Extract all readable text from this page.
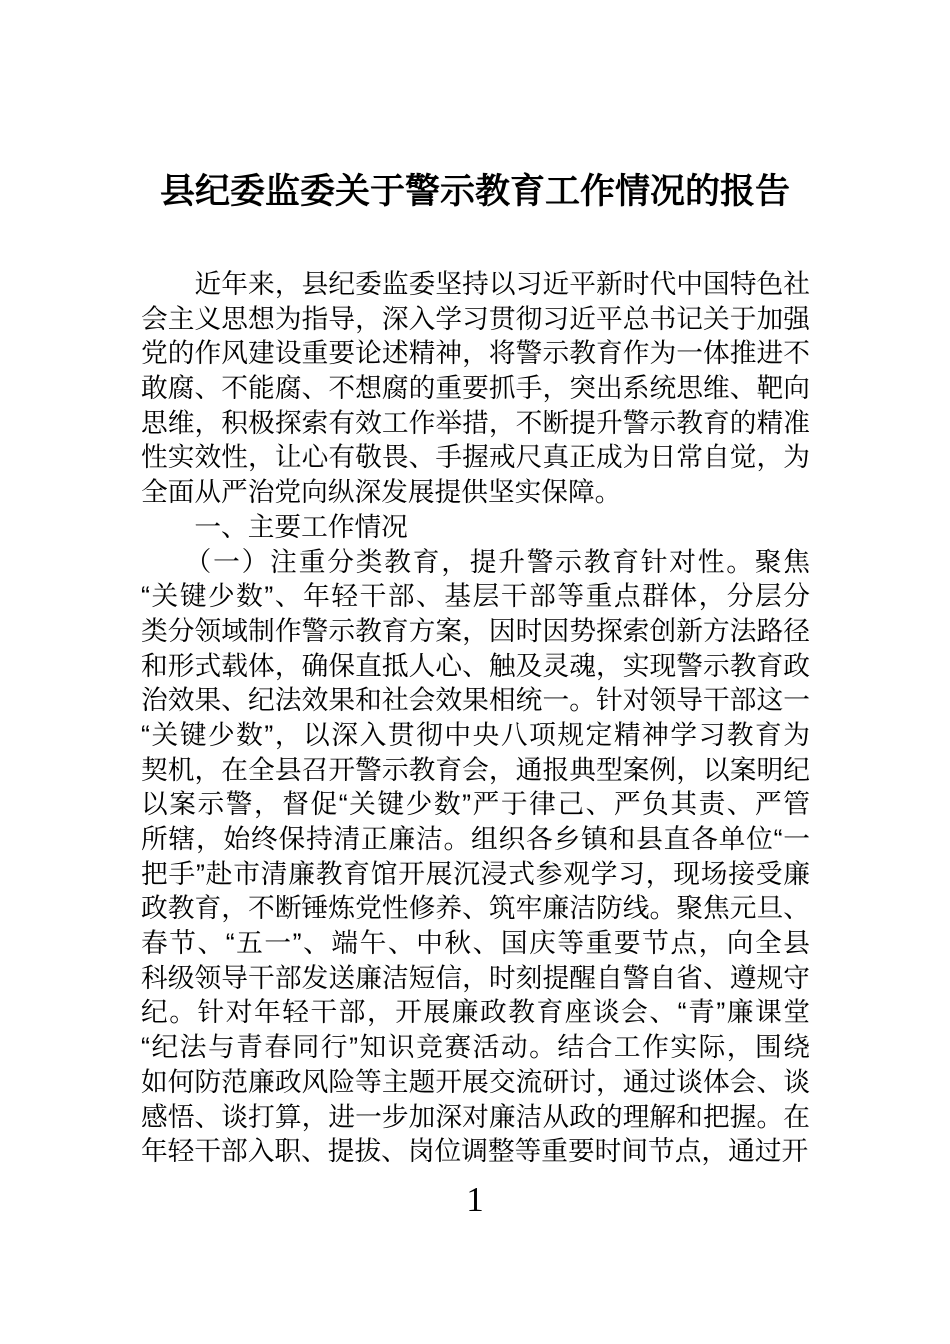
县纪委监委关于警示教育工作情况的报告
　　近年来，县纪委监委坚持以习近平新时代中国特色社
会主义思想为指导，深入学习贯彻习近平总书记关于加强
党的作风建设重要论述精神，将警示教育作为一体推进不
敢腐、不能腐、不想腐的重要抓手，突出系统思维、靶向
思维，积极探索有效工作举措，不断提升警示教育的精准
性实效性，让心有敬畏、手握戒尺真正成为日常自觉，为
全面从严治党向纵深发展提供坚实保障。
　　一、主要工作情况
　　（一）注重分类教育，提升警示教育针对性。聚焦
“关键少数”、年轻干部、基层干部等重点群体，分层分
类分领域制作警示教育方案，因时因势探索创新方法路径
和形式载体，确保直抵人心、触及灵魂，实现警示教育政
治效果、纪法效果和社会效果相统一。针对领导干部这一
“关键少数”，以深入贯彻中央八项规定精神学习教育为
契机，在全县召开警示教育会，通报典型案例，以案明纪
以案示警，督促“关键少数”严于律己、严负其责、严管
所辖，始终保持清正廉洁。组织各乡镇和县直各单位“一
把手”赴市清廉教育馆开展沉浸式参观学习，现场接受廉
政教育，不断锤炼党性修养、筑牢廉洁防线。聚焦元旦、
春节、“五一”、端午、中秋、国庆等重要节点，向全县
科级领导干部发送廉洁短信，时刻提醒自警自省、遵规守
纪。针对年轻干部，开展廉政教育座谈会、“青”廉课堂
“纪法与青春同行”知识竞赛活动。结合工作实际，围绕
如何防范廉政风险等主题开展交流研讨，通过谈体会、谈
感悟、谈打算，进一步加深对廉洁从政的理解和把握。在
年轻干部入职、提拔、岗位调整等重要时间节点，通过开
1
